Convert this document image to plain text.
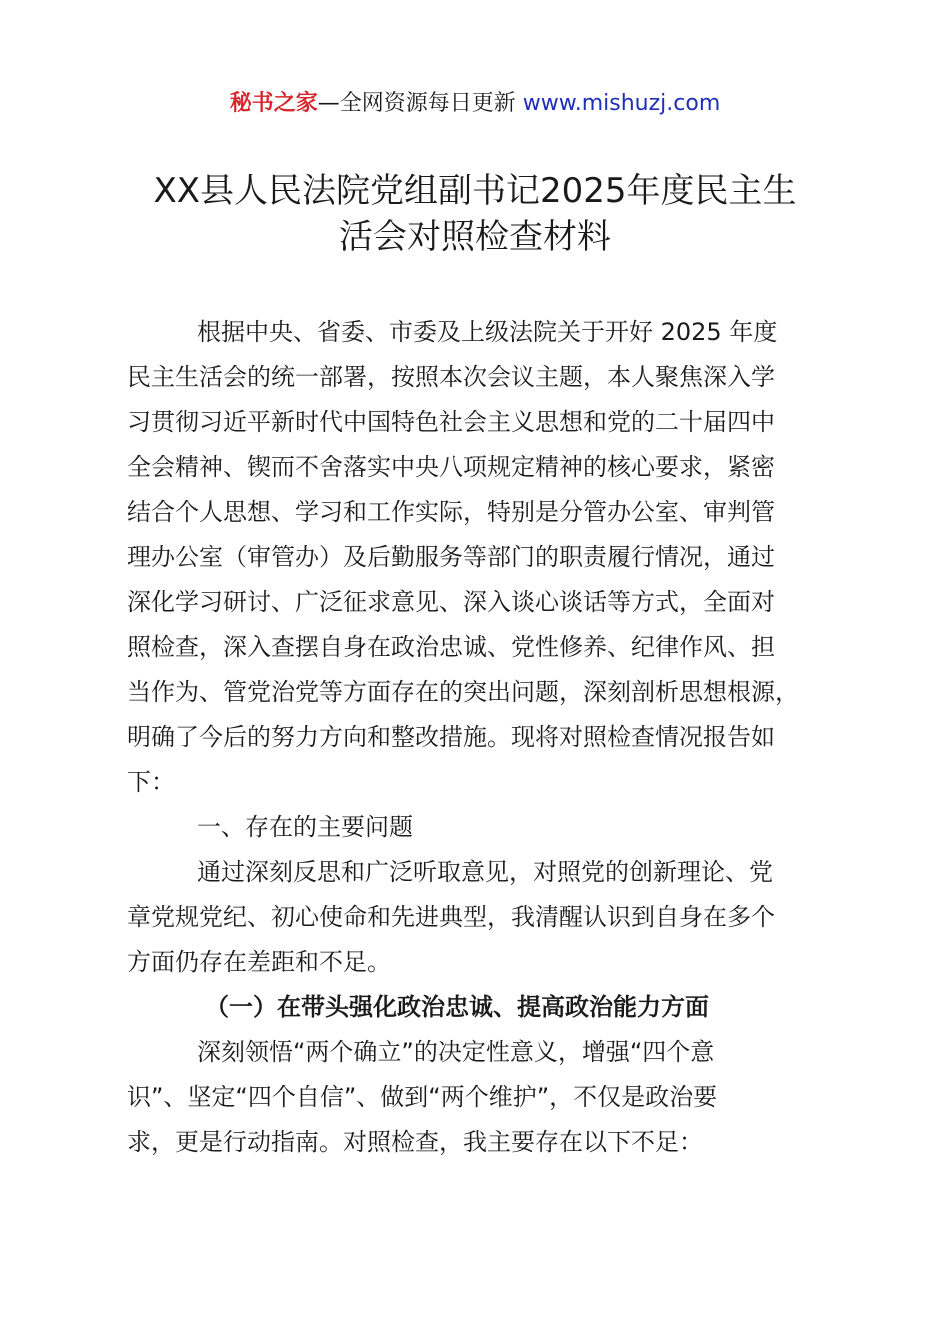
秘书之家—全网资源每日更新 www.mishuzj.com
XX县人民法院党组副书记2025年度民主生
活会对照检查材料
根据中央、省委、市委及上级法院关于开好 2025 年度
民主生活会的统一部署，按照本次会议主题，本人聚焦深入学
习贯彻习近平新时代中国特色社会主义思想和党的二十届四中
全会精神、锲而不舍落实中央八项规定精神的核心要求，紧密
结合个人思想、学习和工作实际，特别是分管办公室、审判管
理办公室（审管办）及后勤服务等部门的职责履行情况，通过
深化学习研讨、广泛征求意见、深入谈心谈话等方式，全面对
照检查，深入查摆自身在政治忠诚、党性修养、纪律作风、担
当作为、管党治党等方面存在的突出问题，深刻剖析思想根源，
明确了今后的努力方向和整改措施。现将对照检查情况报告如
下：
一、存在的主要问题
通过深刻反思和广泛听取意见，对照党的创新理论、党
章党规党纪、初心使命和先进典型，我清醒认识到自身在多个
方面仍存在差距和不足。
（一）在带头强化政治忠诚、提高政治能力方面
深刻领悟“两个确立”的决定性意义，增强“四个意
识”、坚定“四个自信”、做到“两个维护”，不仅是政治要
求，更是行动指南。对照检查，我主要存在以下不足：
